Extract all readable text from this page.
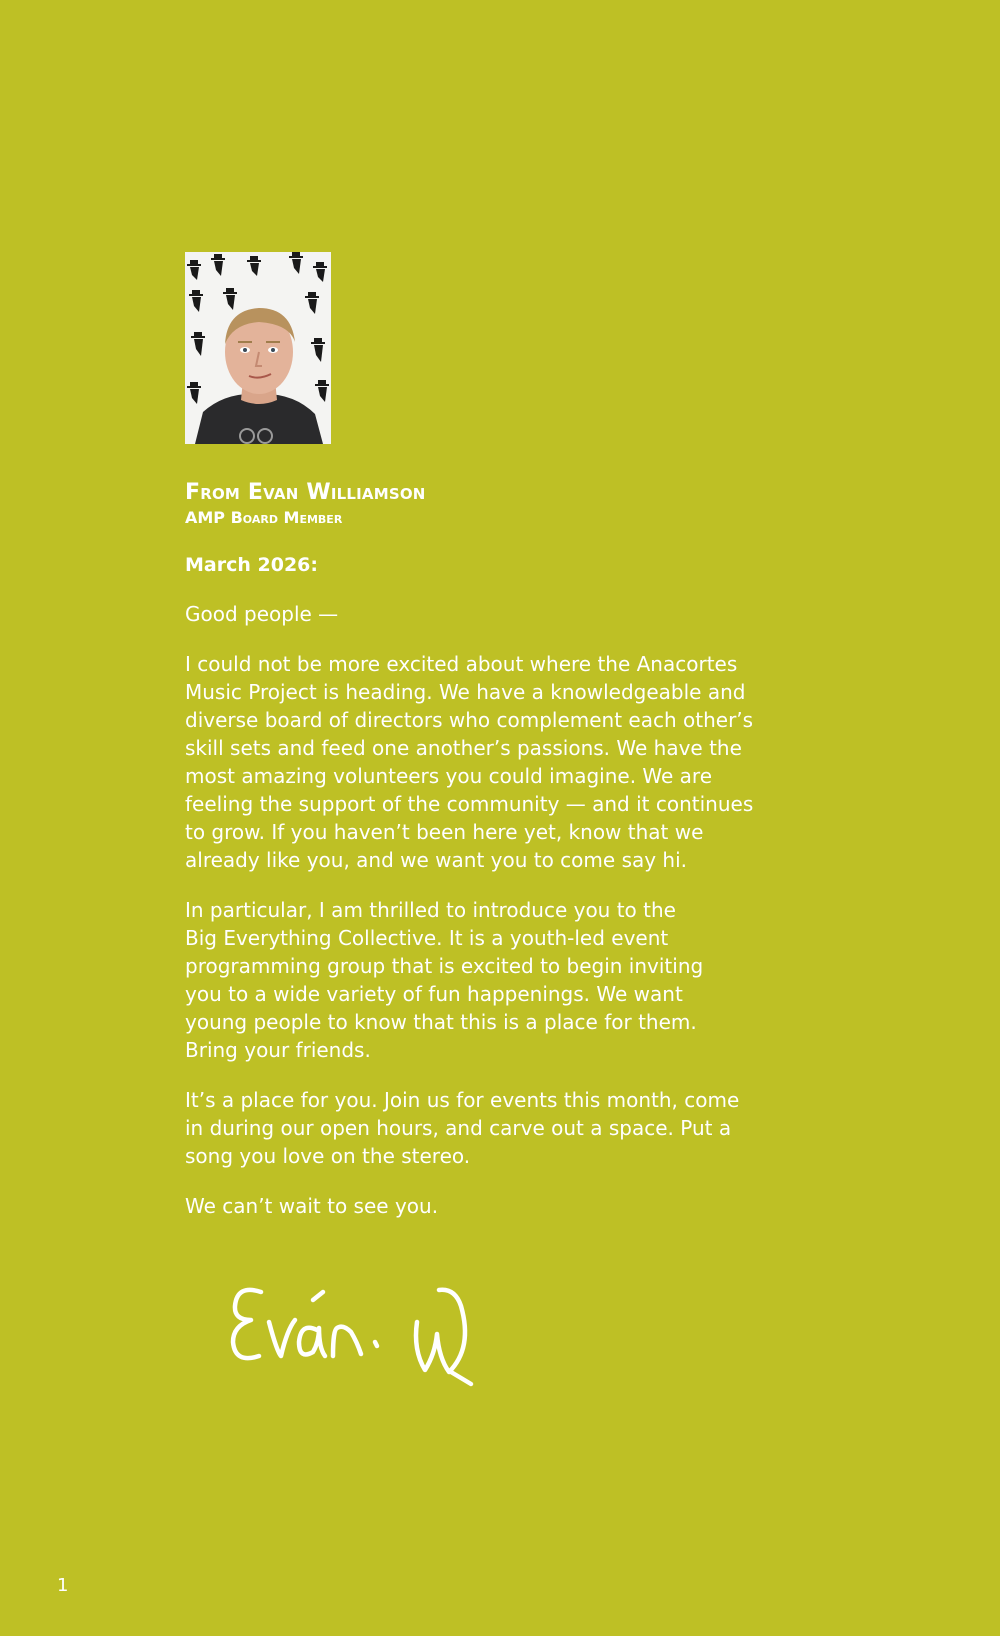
From Evan Williamson

AMP Board Member

March 2026:
Good people —
I could not be more excited about where the Anacortes
Music Project is heading. We have a knowledgeable and
diverse board of directors who complement each other’s
skill sets and feed one another’s passions. We have the
most amazing volunteers you could imagine. We are
feeling the support of the community — and it continues
to grow. If you haven’t been here yet, know that we
already like you, and we want you to come say hi.
In particular, I am thrilled to introduce you to the
Big Everything Collective. It is a youth-led event
programming group that is excited to begin inviting
you to a wide variety of fun happenings. We want
young people to know that this is a place for them.
Bring your friends.
It’s a place for you. Join us for events this month, come
in during our open hours, and carve out a space. Put a
song you love on the stereo.
We can’t wait to see you.
1
